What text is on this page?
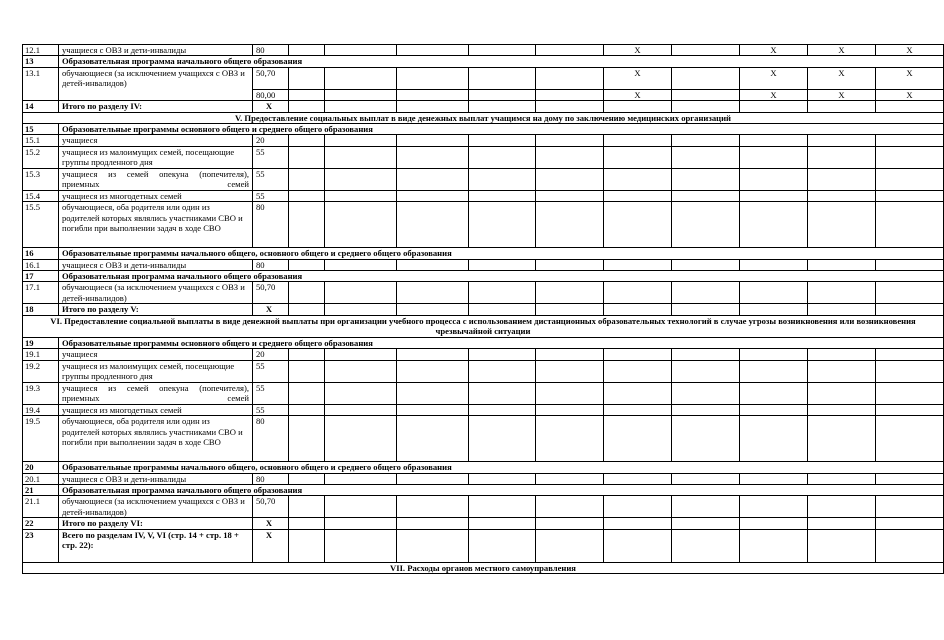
12.1	учащиеся с ОВЗ и дети-инвалиды	80						X		X	X	X
13	Образовательная программа начального общего образования											
13.1	обучающиеся (за исключением учащихся с ОВЗ и детей-инвалидов)	50,70						X		X	X	X
		80,00						X		X	X	X
14	Итого по разделу IV:	X										
V. Предоставление социальных выплат в виде денежных выплат учащимся на дому по заключению медицинских организаций												
15	Образовательные программы основного общего и среднего общего образования											
15.1	учащиеся	20										
15.2	учащиеся из малоимущих семей, посещающие группы продленного дня	55										
15.3	учащиеся из семей опекуна (попечителя), приемных семей	55										
15.4	учащиеся из многодетных семей	55										
15.5	обучающиеся, оба родителя или один из родителей которых являлись участниками СВО и погибли при выполнении задач в ходе СВО	80										
16	Образовательные программы начального общего, основного общего и среднего общего образования											
16.1	учащиеся с ОВЗ и дети-инвалиды	80										
17	Образовательная программа начального общего образования											
17.1	обучающиеся (за исключением учащихся с ОВЗ и детей-инвалидов)	50,70										
18	Итого по разделу V:	X										
VI. Предоставление социальной выплаты в виде денежной выплаты при организации учебного процесса с использованием дистанционных образовательных технологий в случае угрозы возникновения или возникновения чрезвычайной ситуации												
19	Образовательные программы основного общего и среднего общего образования											
19.1	учащиеся	20										
19.2	учащиеся из малоимущих семей, посещающие группы продленного дня	55										
19.3	учащиеся из семей опекуна (попечителя), приемных семей	55										
19.4	учащиеся из многодетных семей	55										
19.5	обучающиеся, оба родителя или один из родителей которых являлись участниками СВО и погибли при выполнении задач в ходе СВО	80										
20	Образовательные программы начального общего, основного общего и среднего общего образования											
20.1	учащиеся с ОВЗ и дети-инвалиды	80										
21	Образовательная программа начального общего образования											
21.1	обучающиеся (за исключением учащихся с ОВЗ и детей-инвалидов)	50,70										
22	Итого по разделу VI:	X										
23	Всего по разделам IV, V, VI (стр. 14 + стр. 18 + стр. 22):	X										
VII. Расходы органов местного самоуправления												
